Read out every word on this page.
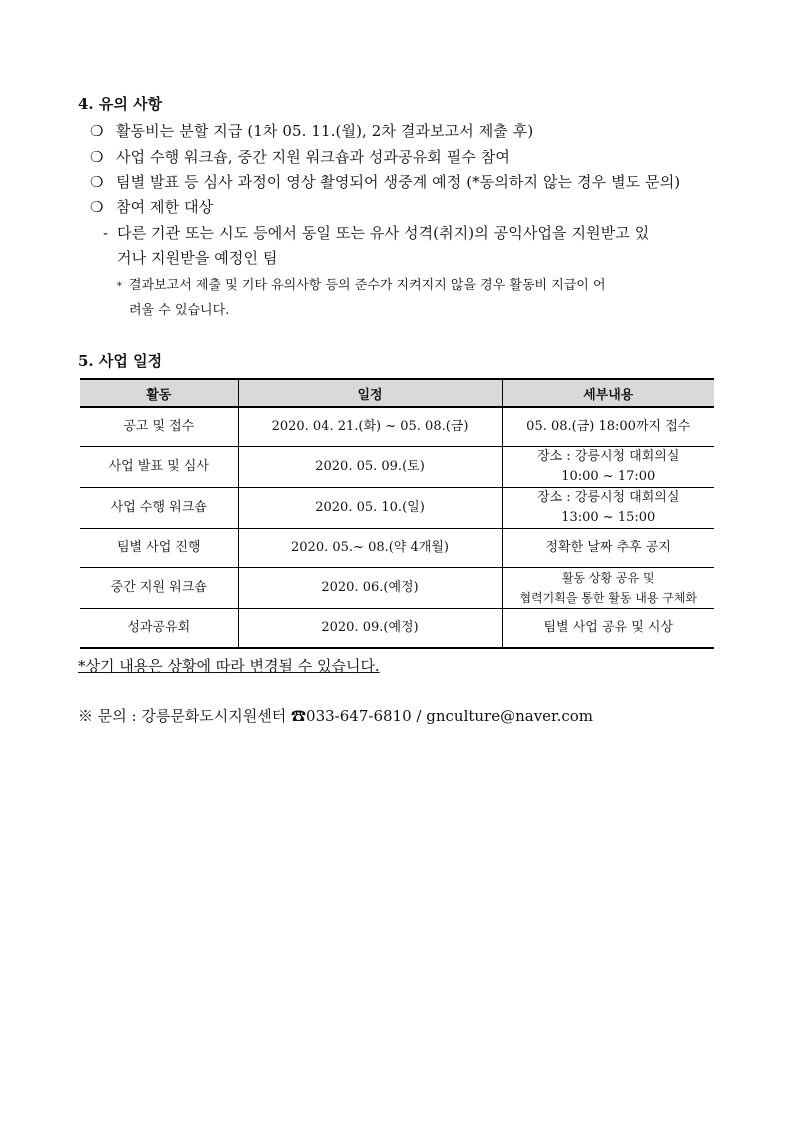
4. 유의 사항
❍ 활동비는 분할 지급 (1차 05. 11.(월), 2차 결과보고서 제출 후)
❍ 사업 수행 워크숍, 중간 지원 워크숍과 성과공유회 필수 참여
❍ 팀별 발표 등 심사 과정이 영상 촬영되어 생중계 예정 (*동의하지 않는 경우 별도 문의)
❍ 참여 제한 대상
- 다른 기관 또는 시도 등에서 동일 또는 유사 성격(취지)의 공익사업을 지원받고 있
거나 지원받을 예정인 팀
* 결과보고서 제출 및 기타 유의사항 등의 준수가 지켜지지 않을 경우 활동비 지급이 어
려울 수 있습니다.
5. 사업 일정
활동	일정	세부내용
공고 및 접수	2020. 04. 21.(화) ~ 05. 08.(금)	05. 08.(금) 18:00까지 접수

사업 발표 및 심사	2020. 05. 09.(토)	장소 : 강릉시청 대회의실
10:00 ~ 17:00

사업 수행 워크숍	2020. 05. 10.(일)	장소 : 강릉시청 대회의실
13:00 ~ 15:00

팀별 사업 진행	2020. 05.~ 08.(약 4개월)	정확한 날짜 추후 공지

중간 지원 워크숍	2020. 06.(예정)	활동 상황 공유 및
협력기획을 통한 활동 내용 구체화

성과공유회	2020. 09.(예정)	팀별 사업 공유 및 시상
*상기 내용은 상황에 따라 변경될 수 있습니다.
※ 문의 : 강릉문화도시지원센터 ☎033-647-6810 / gnculture@naver.com
